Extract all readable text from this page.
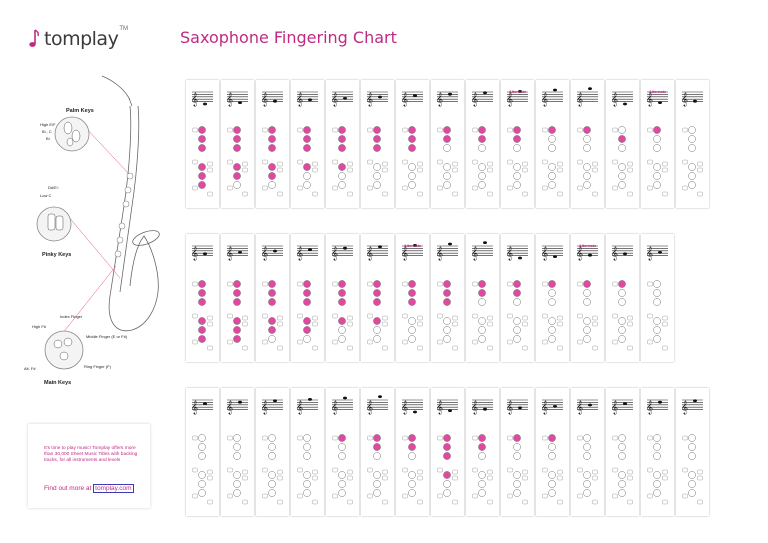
tomplay TM	Saxophone Fingering Chart
Palm Keys
High E/F
B♭, C
B♭
D#/E♭
Low C
Pinky Keys
Index Finger
High F#
Middle Finger (E or F#)
Alt. F#	Ring Finger (F)
Main Keys
It's time to play music! Tomplay offers more than 30,000 Sheet Music Titles with backing tracks, for all instruments and levels
Find out more at tomplay.com
𝄞 𝄞 𝄞 𝄞 𝄞 𝄞 𝄞 𝄞 𝄞 𝄞
Alternate
𝄞 𝄞 𝄞 𝄞
Alternate
𝄞
𝄞 𝄞 𝄞 𝄞 𝄞 𝄞 𝄞
Alternate
𝄞 𝄞 𝄞 𝄞 𝄞
Alternate
𝄞 𝄞
𝄞 𝄞 𝄞 𝄞 𝄞 𝄞 𝄞 𝄞 𝄞 𝄞 𝄞 𝄞 𝄞 𝄞 𝄞
